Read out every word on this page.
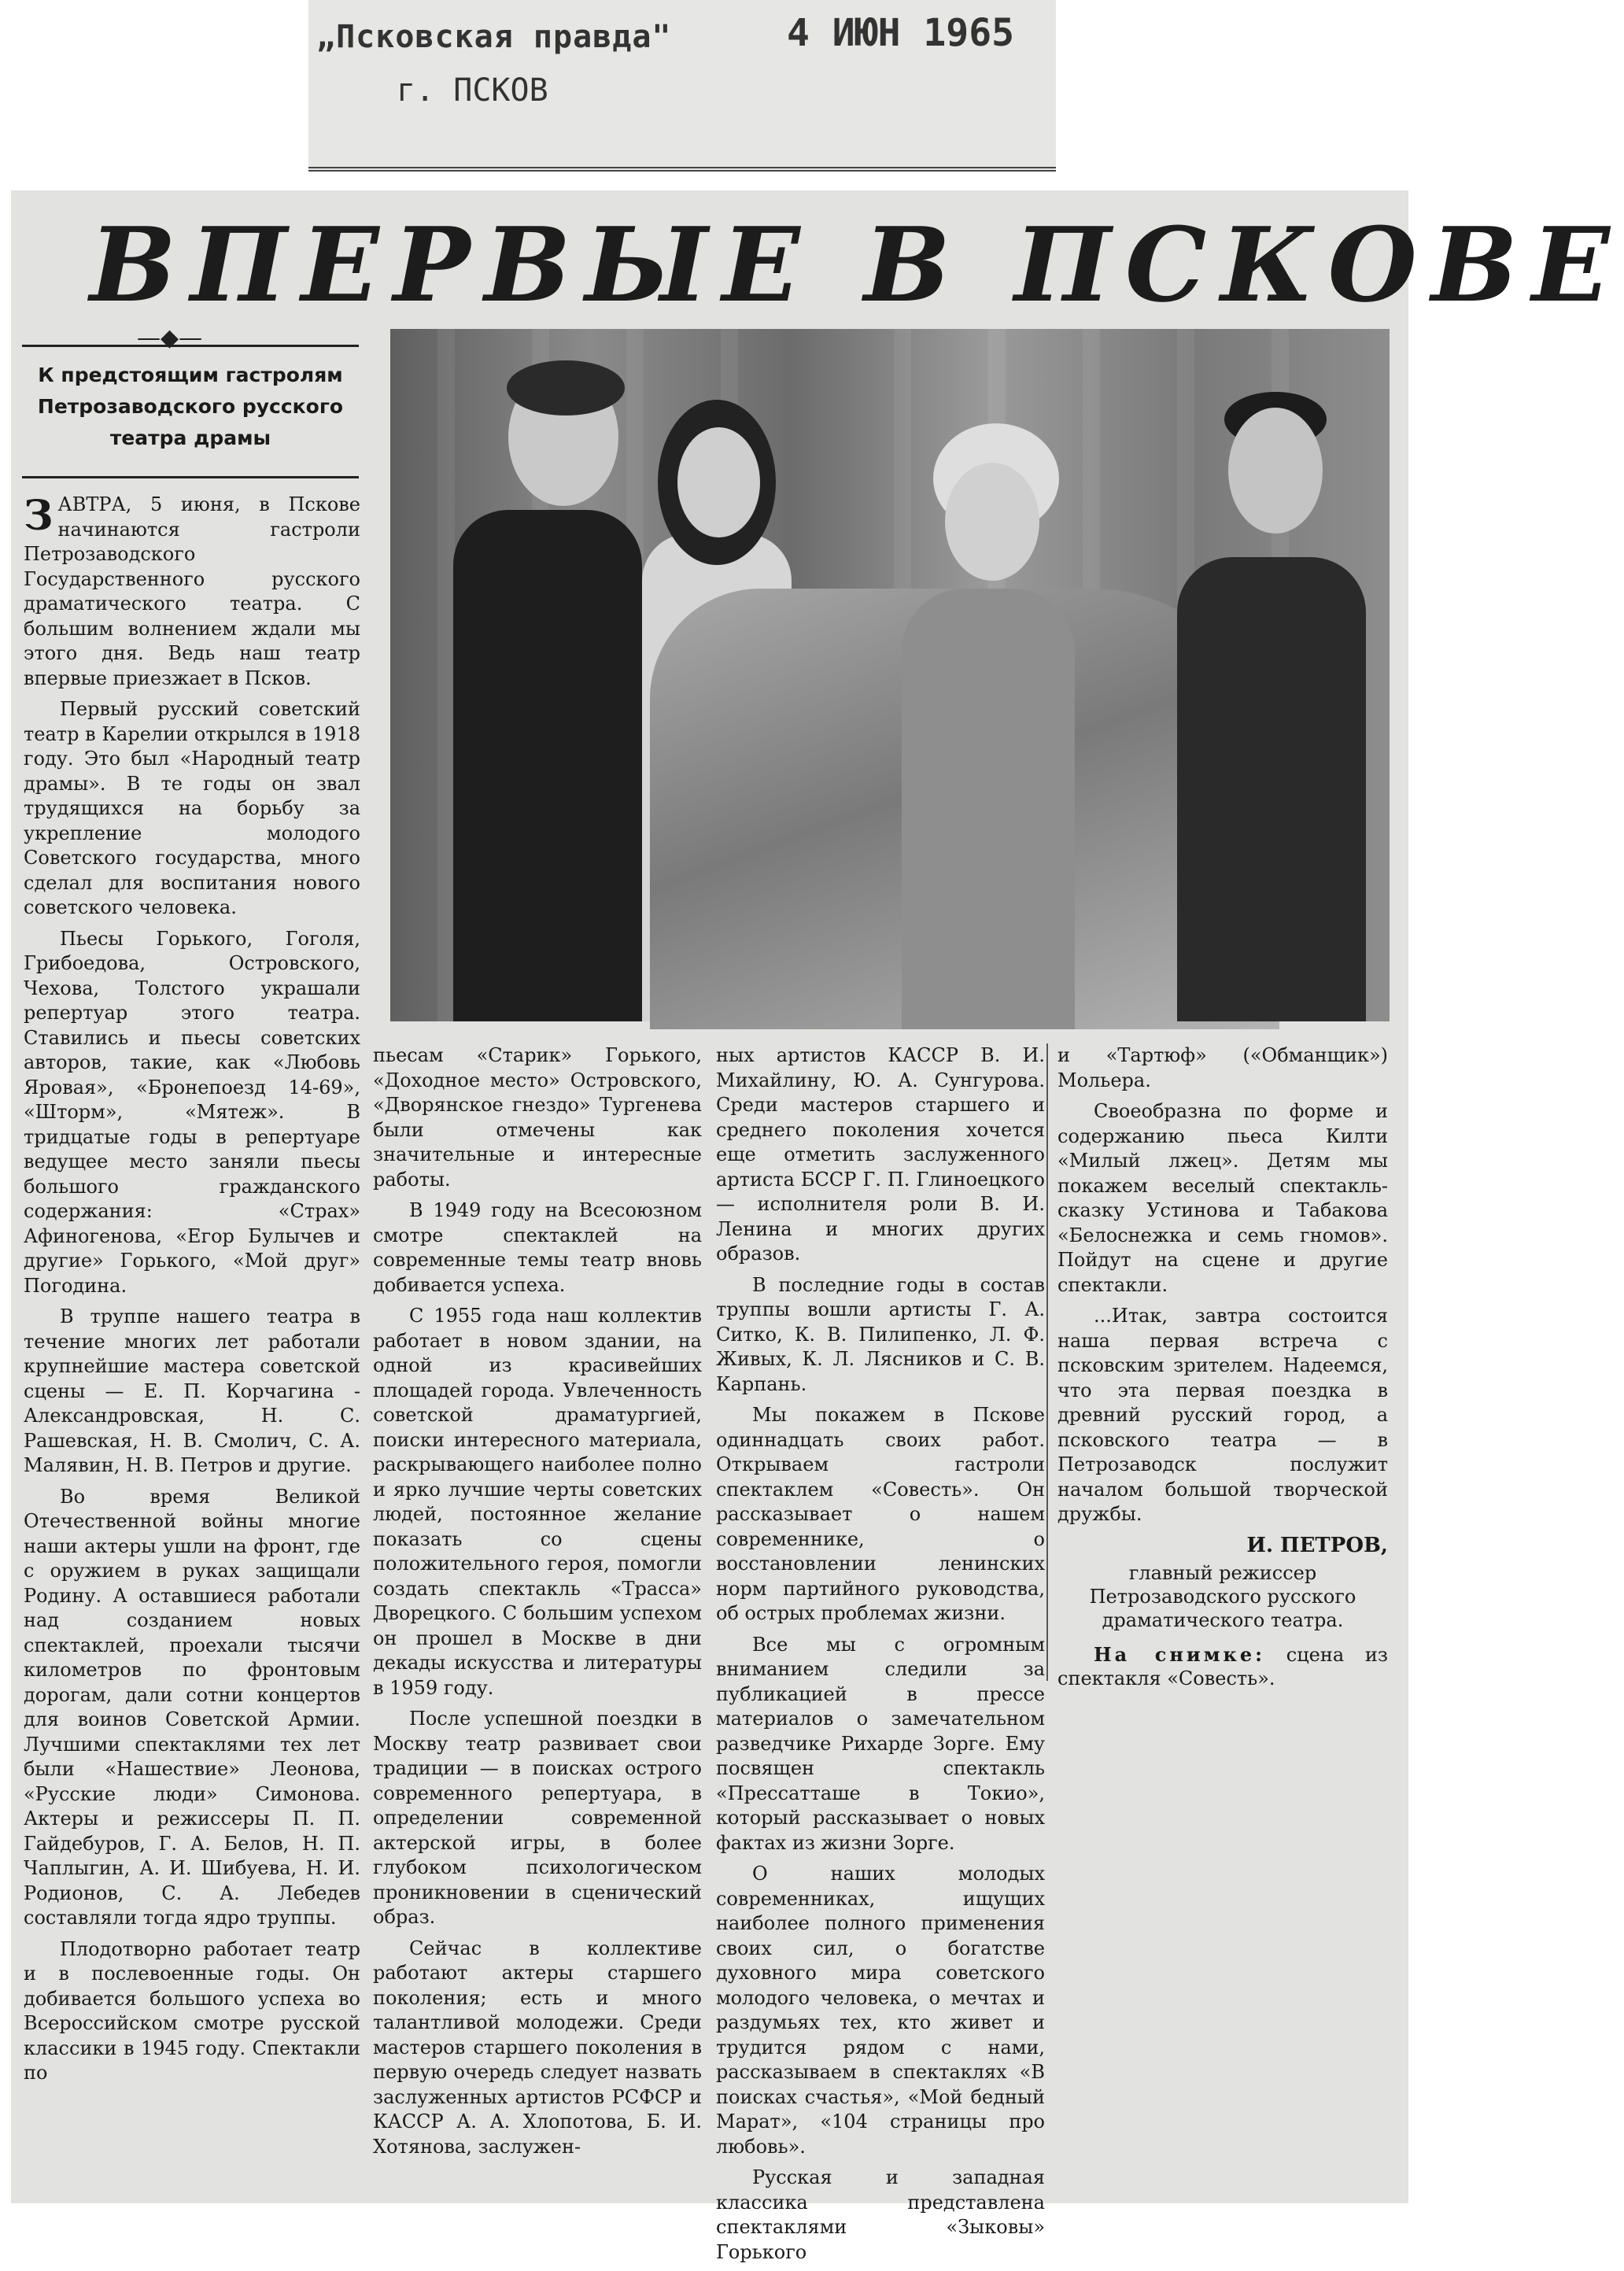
„Псковская правда"
г. ПСКОВ
4 ИЮН 1965
ВПЕРВЫЕ В ПСКОВЕ
—◆—
К предстоящим гастролям Петрозаводского русского театра драмы

ЗАВТРА, 5 июня, в Пскове начинаются гастроли Петрозаводского Государственного русского драматического театра. С большим волнением ждали мы этого дня. Ведь наш театр впервые приезжает в Псков.

Первый русский советский театр в Карелии открылся в 1918 году. Это был «Народный театр драмы». В те годы он звал трудящихся на борьбу за укрепление молодого Советского государства, много сделал для воспитания нового советского человека.

Пьесы Горького, Гоголя, Грибоедова, Островского, Чехова, Толстого украшали репертуар этого театра. Ставились и пьесы советских авторов, такие, как «Любовь Яровая», «Бронепоезд 14-69», «Шторм», «Мятеж». В тридцатые годы в репертуаре ведущее место заняли пьесы большого гражданского содержания: «Страх» Афиногенова, «Егор Булычев и другие» Горького, «Мой друг» Погодина.

В труппе нашего театра в течение многих лет работали крупнейшие мастера советской сцены — Е. П. Корчагина - Александровская, Н. С. Рашевская, Н. В. Смолич, С. А. Малявин, Н. В. Петров и другие.

Во время Великой Отечественной войны многие наши актеры ушли на фронт, где с оружием в руках защищали Родину. А оставшиеся работали над созданием новых спектаклей, проехали тысячи километров по фронтовым дорогам, дали сотни концертов для воинов Советской Армии. Лучшими спектаклями тех лет были «Нашествие» Леонова, «Русские люди» Симонова. Актеры и режиссеры П. П. Гайдебуров, Г. А. Белов, Н. П. Чаплыгин, А. И. Шибуева, Н. И. Родионов, С. А. Лебедев составляли тогда ядро труппы.

Плодотворно работает театр и в послевоенные годы. Он добивается большого успеха во Всероссийском смотре русской классики в 1945 году. Спектакли по

пьесам «Старик» Горького, «Доходное место» Островского, «Дворянское гнездо» Тургенева были отмечены как значительные и интересные работы.

В 1949 году на Всесоюзном смотре спектаклей на современные темы театр вновь добивается успеха.

С 1955 года наш коллектив работает в новом здании, на одной из красивейших площадей города. Увлеченность советской драматургией, поиски интересного материала, раскрывающего наиболее полно и ярко лучшие черты советских людей, постоянное желание показать со сцены положительного героя, помогли создать спектакль «Трасса» Дворецкого. С большим успехом он прошел в Москве в дни декады искусства и литературы в 1959 году.

После успешной поездки в Москву театр развивает свои традиции — в поисках острого современного репертуара, в определении современной актерской игры, в более глубоком психологическом проникновении в сценический образ.

Сейчас в коллективе работают актеры старшего поколения; есть и много талантливой молодежи. Среди мастеров старшего поколения в первую очередь следует назвать заслуженных артистов РСФСР и КАССР А. А. Хлопотова, Б. И. Хотянова, заслужен-

ных артистов КАССР В. И. Михайлину, Ю. А. Сунгурова. Среди мастеров старшего и среднего поколения хочется еще отметить заслуженного артиста БССР Г. П. Глиноецкого — исполнителя роли В. И. Ленина и многих других образов.

В последние годы в состав труппы вошли артисты Г. А. Ситко, К. В. Пилипенко, Л. Ф. Живых, К. Л. Лясников и С. В. Карпань.

Мы покажем в Пскове одиннадцать своих работ. Открываем гастроли спектаклем «Совесть». Он рассказывает о нашем современнике, о восстановлении ленинских норм партийного руководства, об острых проблемах жизни.

Все мы с огромным вниманием следили за публикацией в прессе материалов о замечательном разведчике Рихарде Зорге. Ему посвящен спектакль «Прессатташе в Токио», который рассказывает о новых фактах из жизни Зорге.

О наших молодых современниках, ищущих наиболее полного применения своих сил, о богатстве духовного мира советского молодого человека, о мечтах и раздумьях тех, кто живет и трудится рядом с нами, рассказываем в спектаклях «В поисках счастья», «Мой бедный Марат», «104 страницы про любовь».

Русская и западная классика представлена спектаклями «Зыковы» Горького

и «Тартюф» («Обманщик») Мольера.

Своеобразна по форме и содержанию пьеса Килти «Милый лжец». Детям мы покажем веселый спектакль-сказку Устинова и Табакова «Белоснежка и семь гномов». Пойдут на сцене и другие спектакли.

...Итак, завтра состоится наша первая встреча с псковским зрителем. Надеемся, что эта первая поездка в древний русский город, а псковского театра — в Петрозаводск послужит началом большой творческой дружбы.

И. ПЕТРОВ,
главный режиссер Петрозаводского русского драматического театра.

На снимке: сцена из спектакля «Совесть».
